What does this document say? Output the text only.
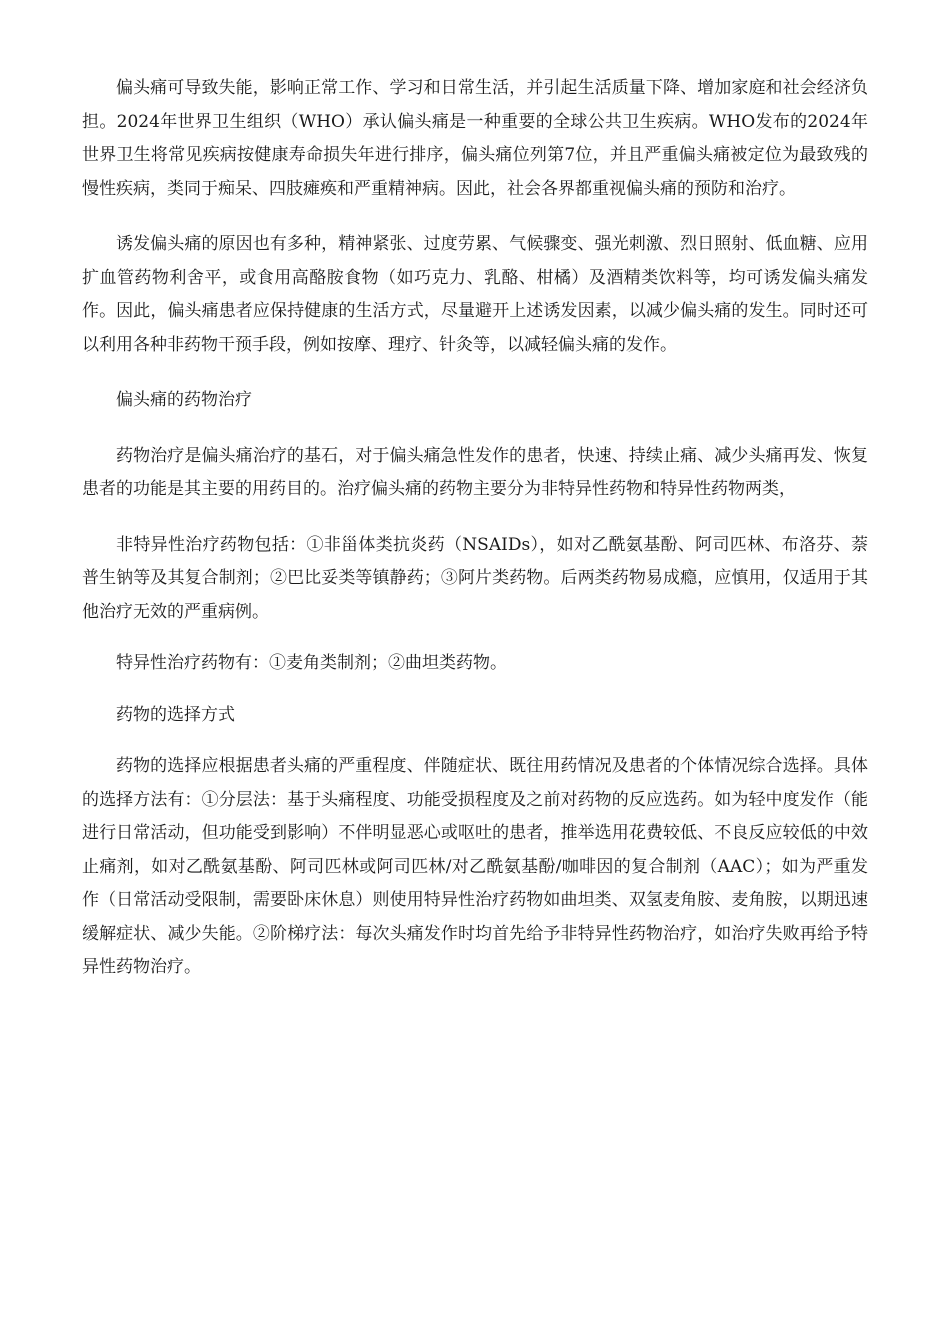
偏头痛可导致失能，影响正常工作、学习和日常生活，并引起生活质量下降、增加家庭和社会经济负担。2024年世界卫生组织（WHO）承认偏头痛是一种重要的全球公共卫生疾病。WHO发布的2024年世界卫生将常见疾病按健康寿命损失年进行排序，偏头痛位列第7位，并且严重偏头痛被定位为最致残的慢性疾病，类同于痴呆、四肢瘫痪和严重精神病。因此，社会各界都重视偏头痛的预防和治疗。

诱发偏头痛的原因也有多种，精神紧张、过度劳累、气候骤变、强光刺激、烈日照射、低血糖、应用扩血管药物利舍平，或食用高酪胺食物（如巧克力、乳酪、柑橘）及酒精类饮料等，均可诱发偏头痛发作。因此，偏头痛患者应保持健康的生活方式，尽量避开上述诱发因素，以减少偏头痛的发生。同时还可以利用各种非药物干预手段，例如按摩、理疗、针灸等，以减轻偏头痛的发作。

偏头痛的药物治疗

药物治疗是偏头痛治疗的基石，对于偏头痛急性发作的患者，快速、持续止痛、减少头痛再发、恢复患者的功能是其主要的用药目的。治疗偏头痛的药物主要分为非特异性药物和特异性药物两类，

非特异性治疗药物包括：①非甾体类抗炎药（NSAIDs），如对乙酰氨基酚、阿司匹林、布洛芬、萘普生钠等及其复合制剂；②巴比妥类等镇静药；③阿片类药物。后两类药物易成瘾，应慎用，仅适用于其他治疗无效的严重病例。

特异性治疗药物有：①麦角类制剂；②曲坦类药物。

药物的选择方式

药物的选择应根据患者头痛的严重程度、伴随症状、既往用药情况及患者的个体情况综合选择。具体的选择方法有：①分层法：基于头痛程度、功能受损程度及之前对药物的反应选药。如为轻中度发作（能进行日常活动，但功能受到影响）不伴明显恶心或呕吐的患者，推举选用花费较低、不良反应较低的中效止痛剂，如对乙酰氨基酚、阿司匹林或阿司匹林/对乙酰氨基酚/咖啡因的复合制剂（AAC）；如为严重发作（日常活动受限制，需要卧床休息）则使用特异性治疗药物如曲坦类、双氢麦角胺、麦角胺，以期迅速缓解症状、减少失能。②阶梯疗法：每次头痛发作时均首先给予非特异性药物治疗，如治疗失败再给予特异性药物治疗。
